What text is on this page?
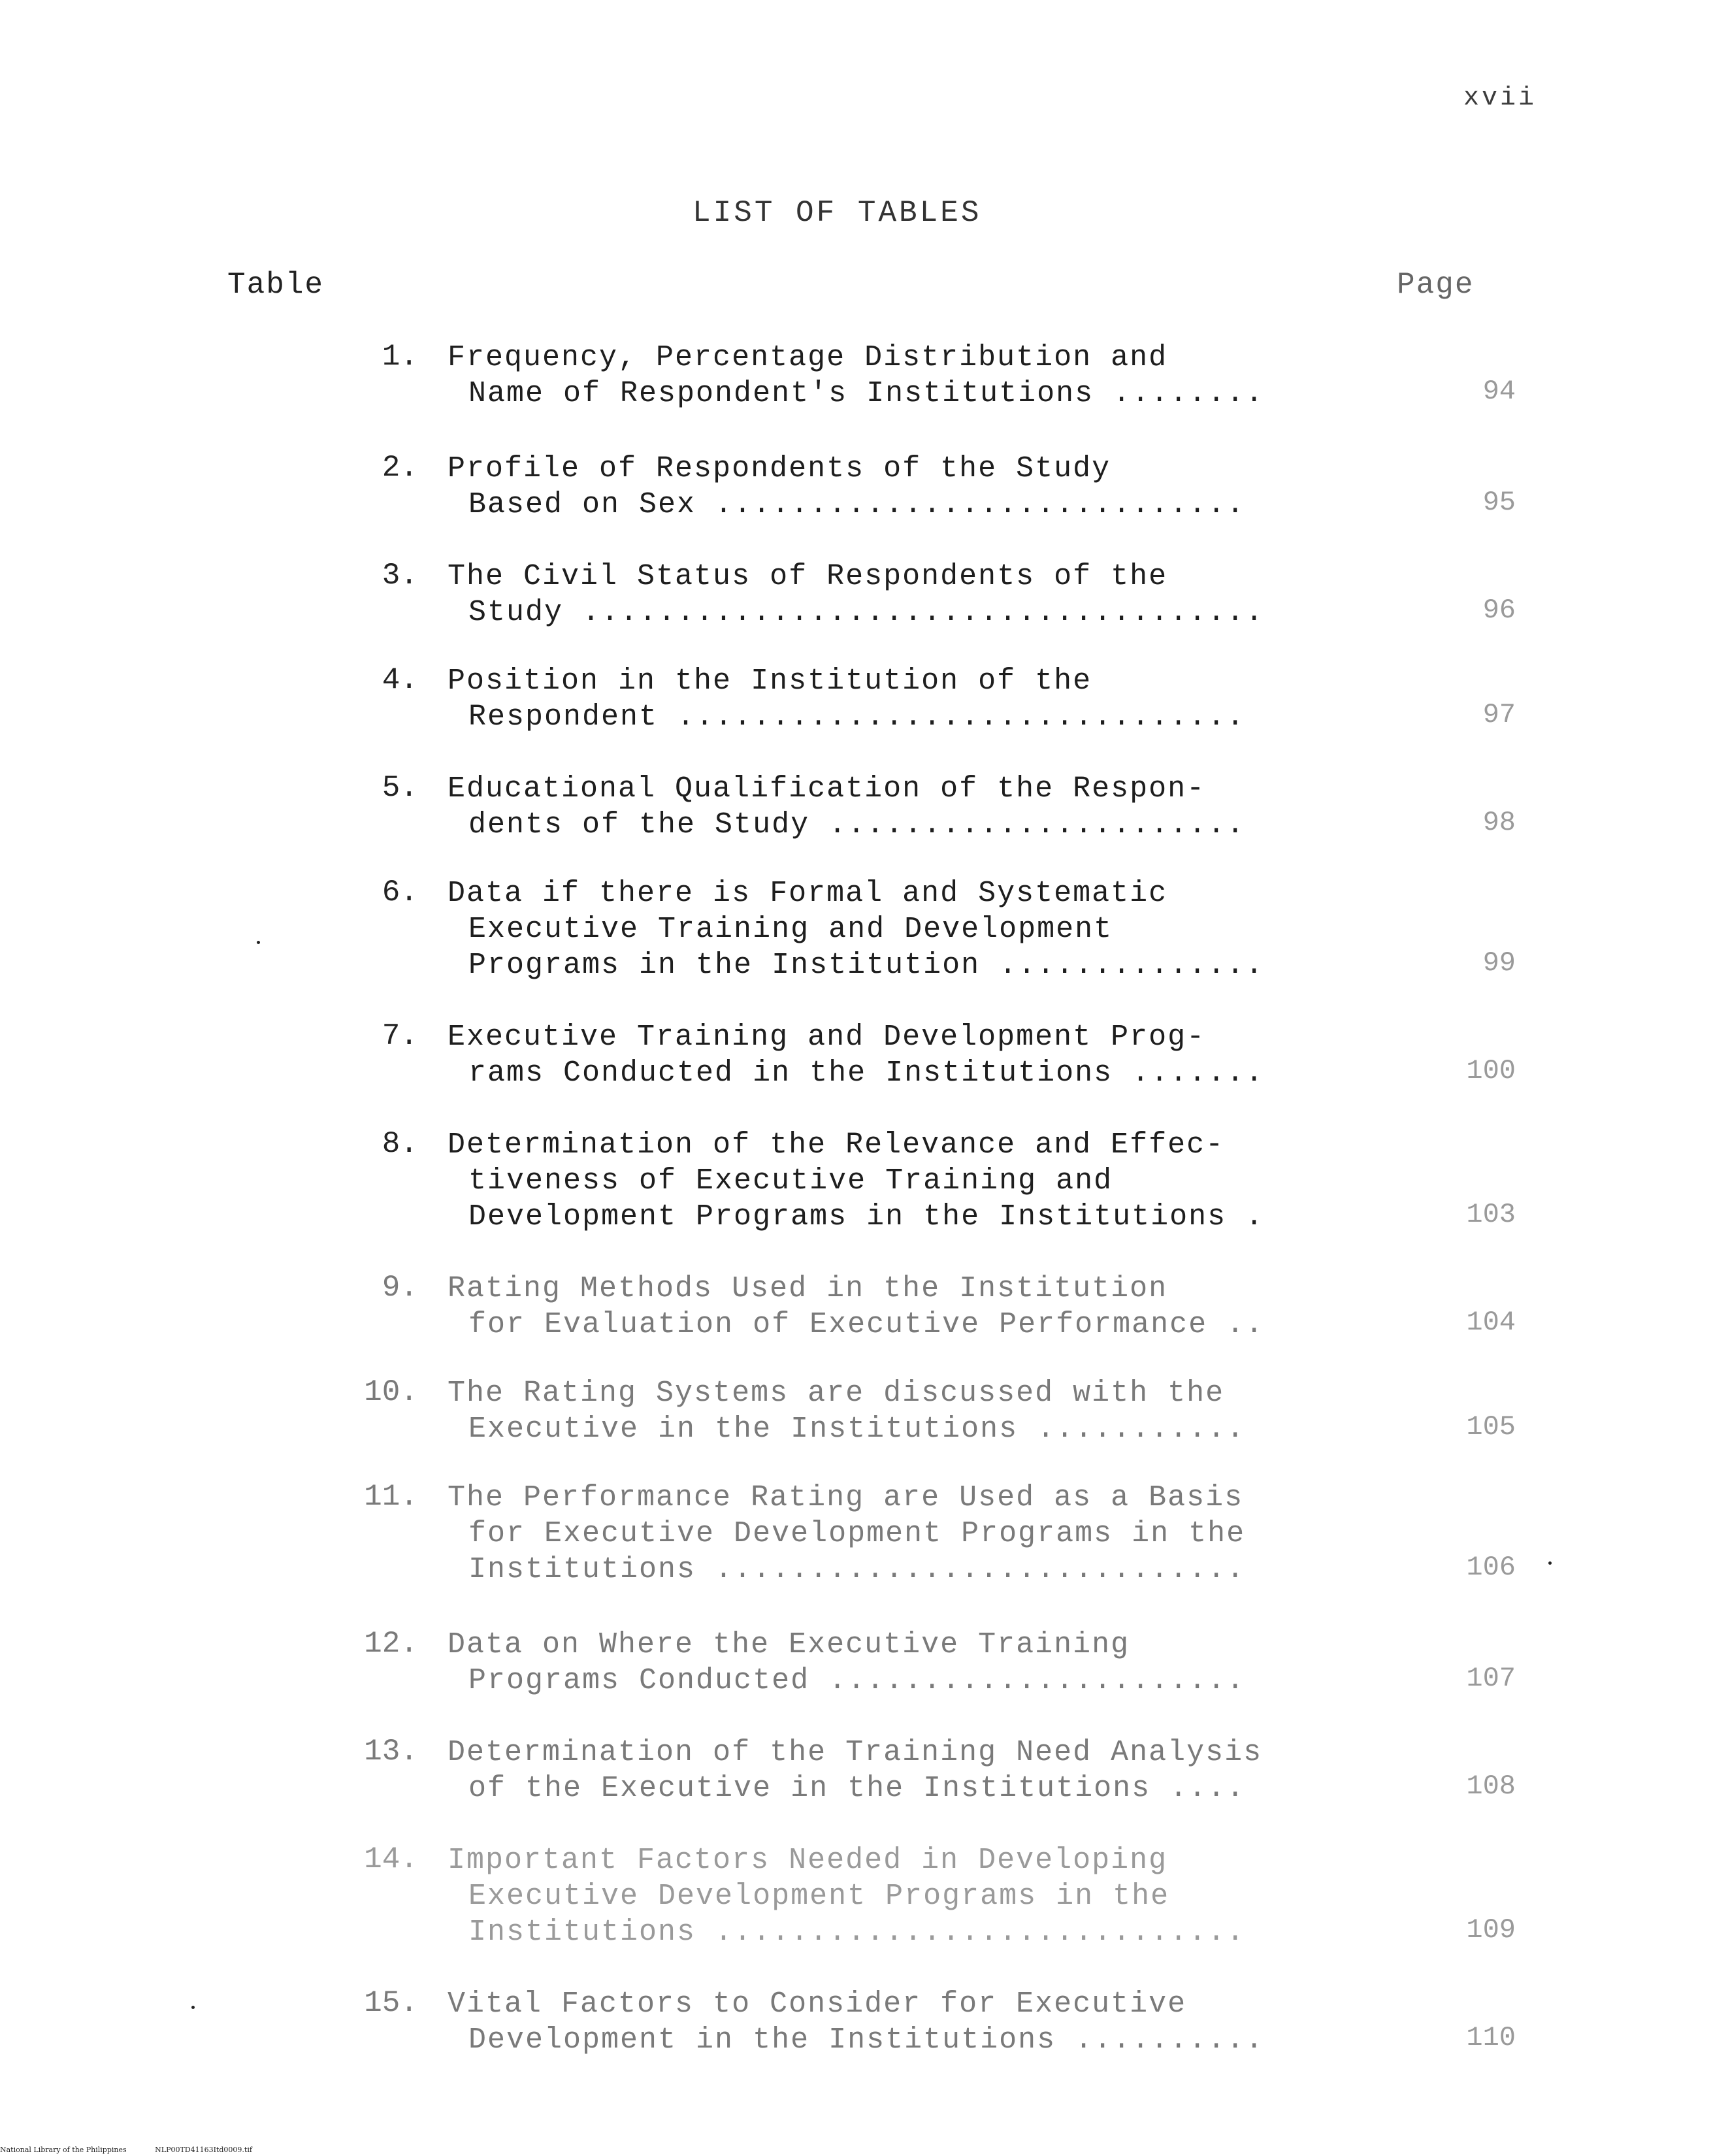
xvii
LIST OF TABLES
Table	Page
1. Frequency, Percentage Distribution and
Name of Respondent's Institutions ........	94
2. Profile of Respondents of the Study
Based on Sex ............................	95
3. The Civil Status of Respondents of the
Study ....................................	96
4. Position in the Institution of the
Respondent ..............................	97
5. Educational Qualification of the Respon-
dents of the Study ......................	98
6. Data if there is Formal and Systematic
Executive Training and Development
Programs in the Institution ..............	99
7. Executive Training and Development Prog-
rams Conducted in the Institutions .......	100
8. Determination of the Relevance and Effec-
tiveness of Executive Training and
Development Programs in the Institutions .	103
9. Rating Methods Used in the Institution
for Evaluation of Executive Performance ..	104
10. The Rating Systems are discussed with the
Executive in the Institutions ...........	105
11. The Performance Rating are Used as a Basis
for Executive Development Programs in the
Institutions ............................	106
12. Data on Where the Executive Training
Programs Conducted ......................	107
13. Determination of the Training Need Analysis
of the Executive in the Institutions ....	108
14. Important Factors Needed in Developing
Executive Development Programs in the
Institutions ............................	109
15. Vital Factors to Consider for Executive
Development in the Institutions ..........	110
National Library of the Philippines	NLP00TD41163Itd0009.tif
